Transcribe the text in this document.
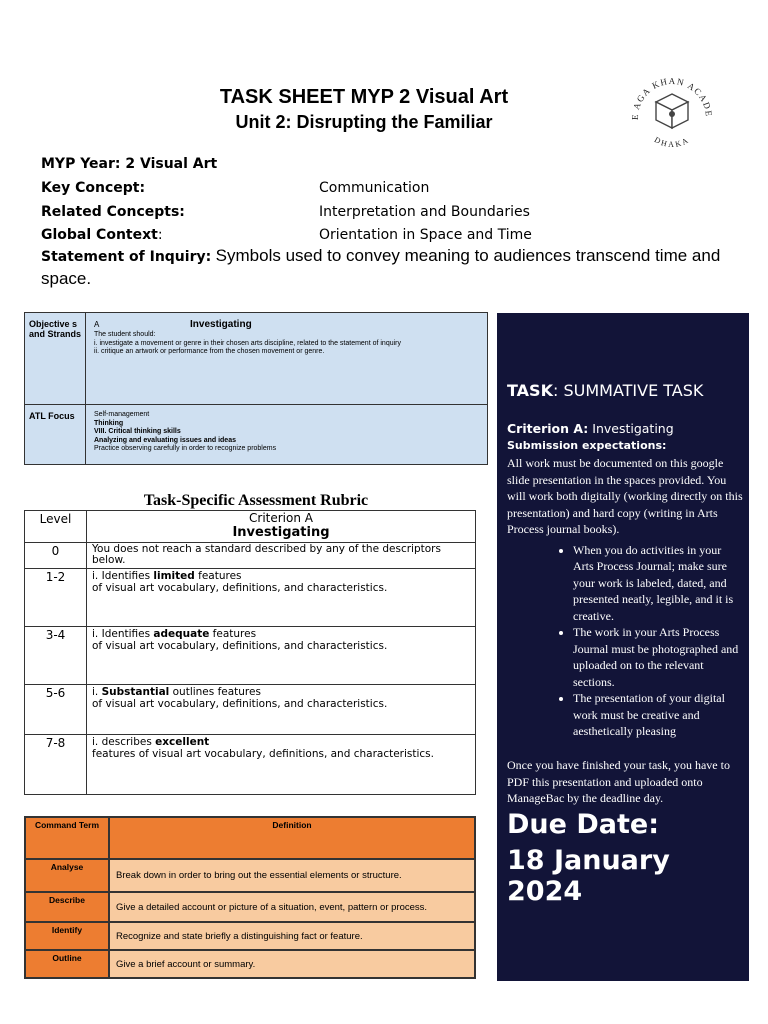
TASK SHEET MYP 2 Visual Art
Unit 2: Disrupting the Familiar	E AGA KHAN ACADE
DHAKA
MYP Year: 2 Visual Art
Key Concept:	Communication
Related Concepts:	Interpretation and Boundaries
Global Context:	Orientation in Space and Time
Statement of Inquiry: Symbols used to convey meaning to audiences transcend time and space.
Objective s and Strands	A Investigating
The student should:
i. investigate a movement or genre in their chosen arts discipline, related to the statement of inquiry
ii. critique an artwork or performance from the chosen movement or genre.

ATL Focus	Self-management
Thinking
VIII. Critical thinking skills
Analyzing and evaluating issues and ideas
Practice observing carefully in order to recognize problems
Task-Specific Assessment Rubric
Level	Criterion A
Investigating

0	You does not reach a standard described by any of the descriptors below.
1-2	i. Identifies limited features
of visual art vocabulary, definitions, and characteristics.

3-4	i. Identifies adequate features
of visual art vocabulary, definitions, and characteristics.

5-6	i. Substantial outlines features
of visual art vocabulary, definitions, and characteristics.

7-8	i. describes excellent
features of visual art vocabulary, definitions, and characteristics.
Command Term	Definition
Analyse	Break down in order to bring out the essential elements or structure.
Describe	Give a detailed account or picture of a situation, event, pattern or process.
Identify	Recognize and state briefly a distinguishing fact or feature.
Outline	Give a brief account or summary.
TASK: SUMMATIVE TASK
Criterion A: Investigating
Submission expectations:
All work must be documented on this google slide presentation in the spaces provided. You will work both digitally (working directly on this presentation) and hard copy (writing in Arts Process journal books).
• When you do activities in your Arts Process Journal; make sure your work is labeled, dated, and presented neatly, legible, and it is creative.
• The work in your Arts Process Journal must be photographed and uploaded on to the relevant sections.
• The presentation of your digital work must be creative and aesthetically pleasing
Once you have finished your task, you have to PDF this presentation and uploaded onto ManageBac by the deadline day.
Due Date:
18 January 2024
